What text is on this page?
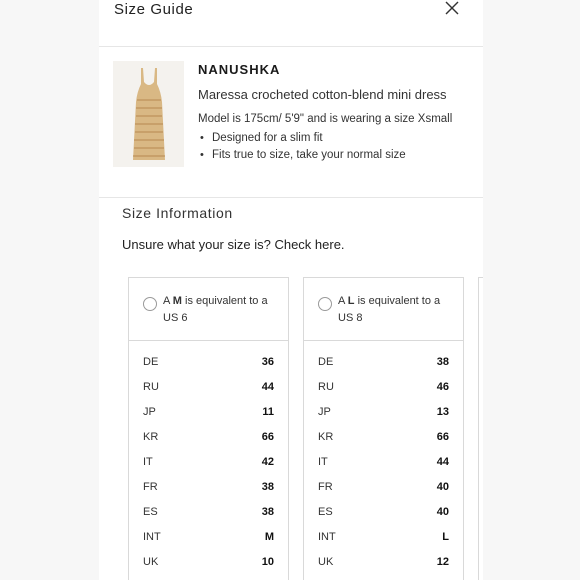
Size Guide
NANUSHKA
Maressa crocheted cotton-blend mini dress
Model is 175cm/ 5'9" and is wearing a size Xsmall
• Designed for a slim fit
• Fits true to size, take your normal size
Size Information
Unsure what your size is? Check here.
A M is equivalent to a US 6
DE	36
RU	44
JP	11
KR	66
IT	42
FR	38
ES	38
INT	M
UK	10
A L is equivalent to a US 8
DE	38
RU	46
JP	13
KR	66
IT	44
FR	40
ES	40
INT	L
UK	12
